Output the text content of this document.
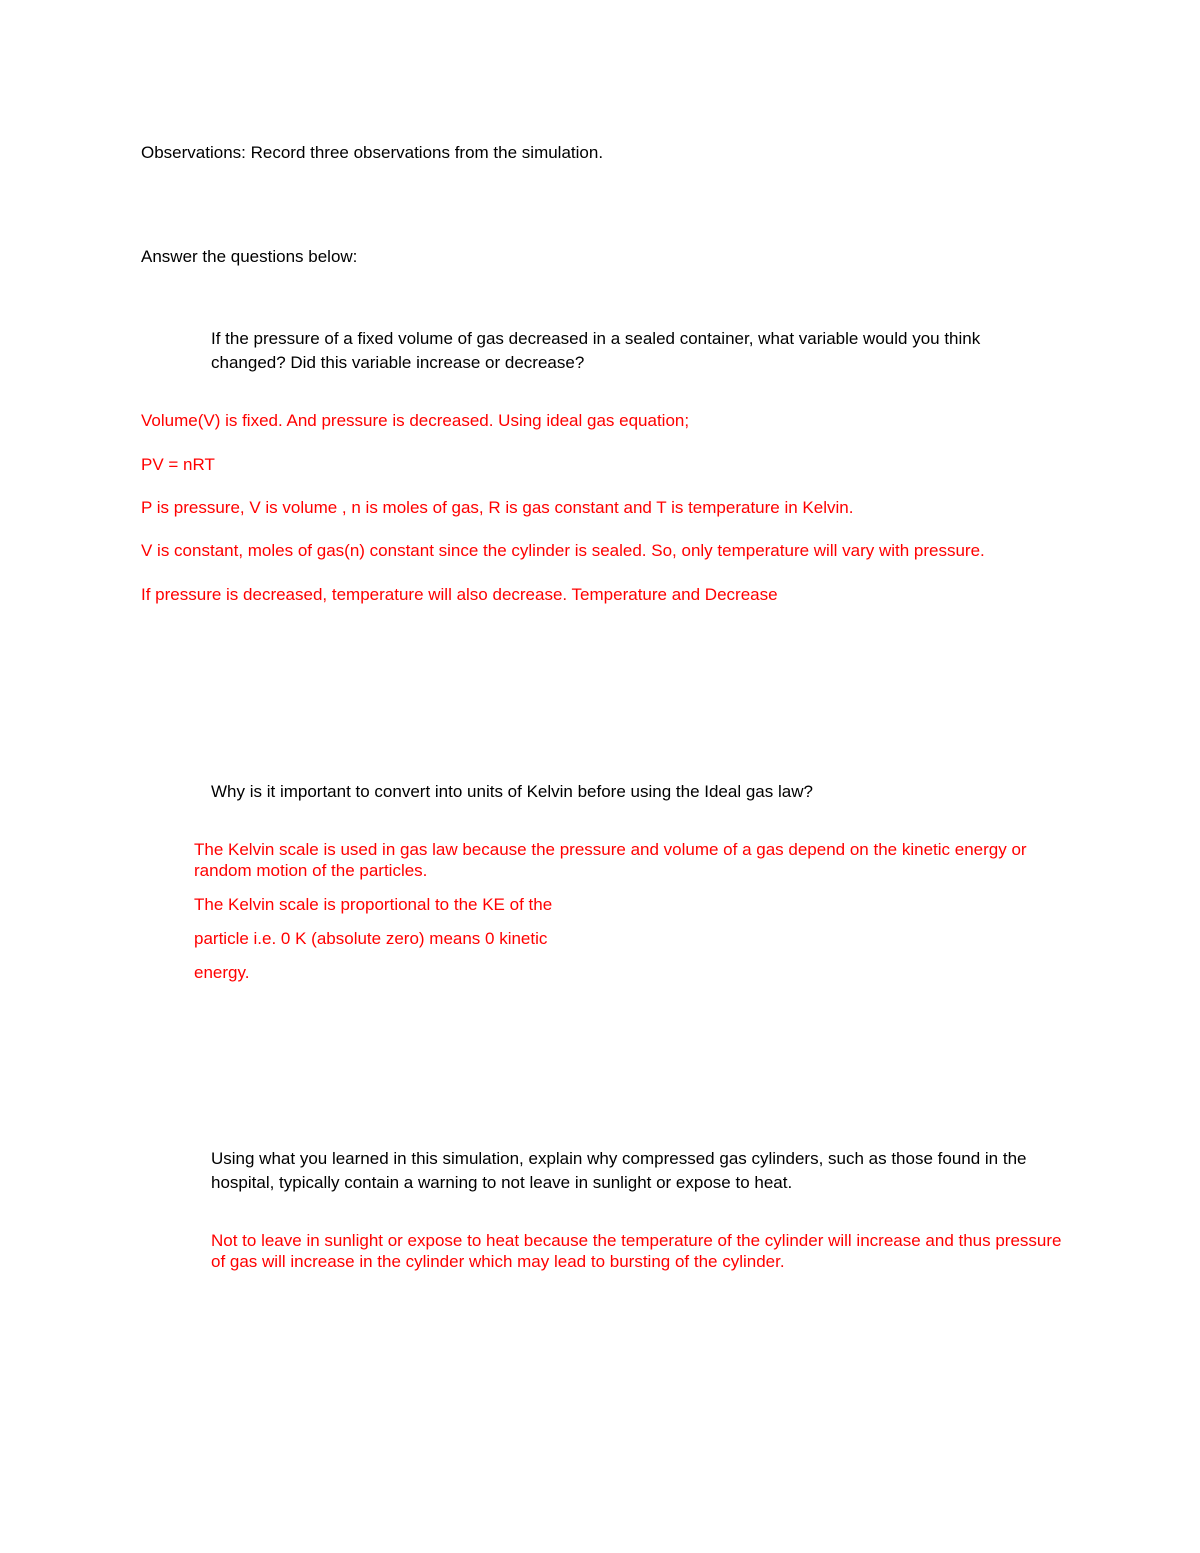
Observations: Record three observations from the simulation.

Answer the questions below:

If the pressure of a fixed volume of gas decreased in a sealed container, what variable would you think

changed? Did this variable increase or decrease?

Volume(V) is fixed. And pressure is decreased. Using ideal gas equation;

PV = nRT

P is pressure, V is volume , n is moles of gas, R is gas constant and T is temperature in Kelvin.

V is constant, moles of gas(n) constant since the cylinder is sealed. So, only temperature will vary with pressure.

If pressure is decreased, temperature will also decrease. Temperature and Decrease

Why is it important to convert into units of Kelvin before using the Ideal gas law?

The Kelvin scale is used in gas law because the pressure and volume of a gas depend on the kinetic energy or

random motion of the particles.

The Kelvin scale is proportional to the KE of the

particle i.e. 0 K (absolute zero) means 0 kinetic

energy.

Using what you learned in this simulation, explain why compressed gas cylinders, such as those found in the

hospital, typically contain a warning to not leave in sunlight or expose to heat.

Not to leave in sunlight or expose to heat because the temperature of the cylinder will increase and thus pressure

of gas will increase in the cylinder which may lead to bursting of the cylinder.
